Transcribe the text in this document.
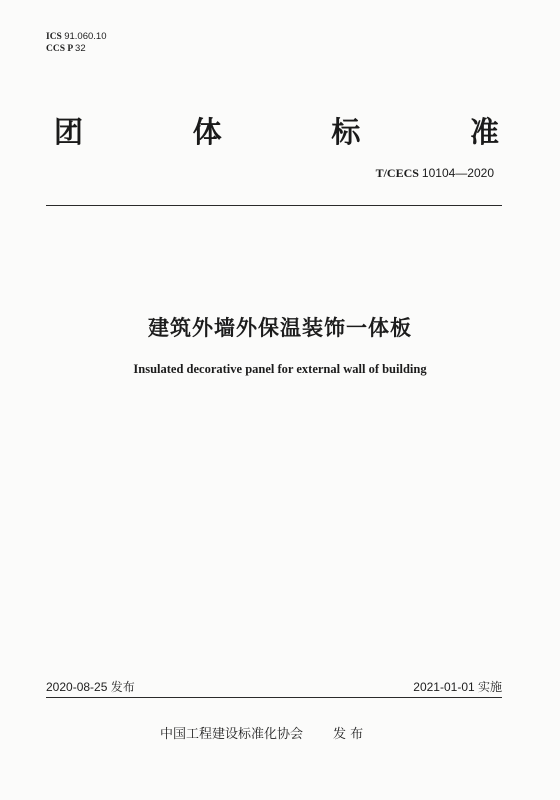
ICS 91.060.10
CCS P 32
团	体	标	准
T/CECS 10104—2020
建筑外墙外保温装饰一体板
Insulated decorative panel for external wall of building
2020-08-25 发布	2021-01-01 实施
中国工程建设标准化协会 发 布
